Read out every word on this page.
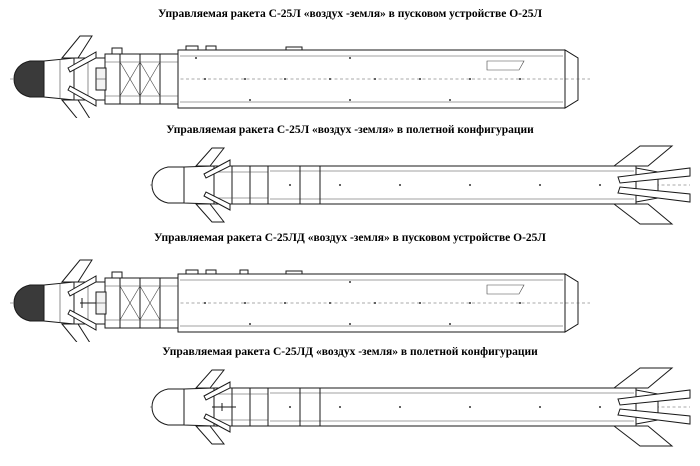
Управляемая ракета С-25Л «воздух -земля» в пусковом устройстве О-25Л
Управляемая ракета С-25Л «воздух -земля» в полетной конфигурации
Управляемая ракета С-25ЛД «воздух -земля» в пусковом устройстве О-25Л
Управляемая ракета С-25ЛД «воздух -земля» в полетной конфигурации
